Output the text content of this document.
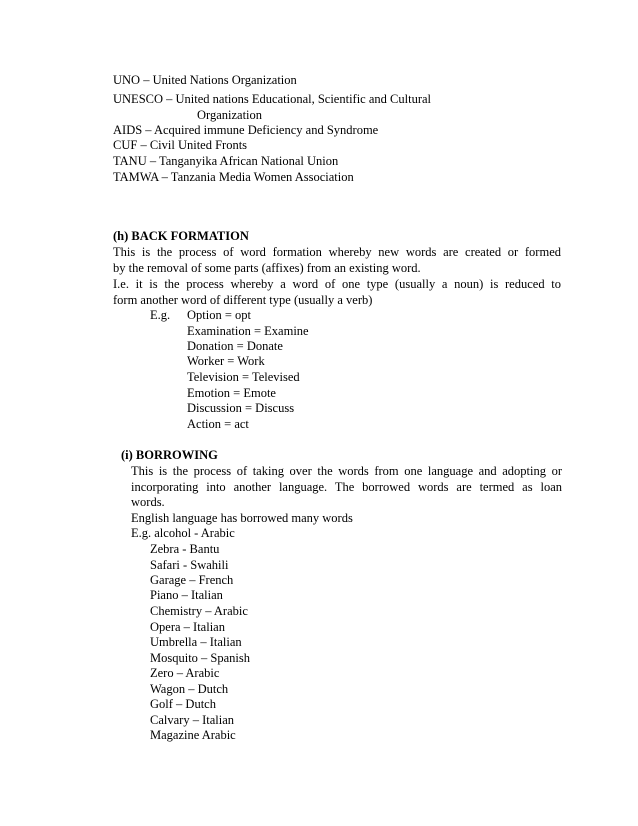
UNO – United Nations Organization
UNESCO – United nations Educational, Scientific and Cultural
Organization
AIDS – Acquired immune Deficiency and Syndrome
CUF – Civil United Fronts
TANU – Tanganyika African National Union
TAMWA – Tanzania Media Women Association
(h) BACK FORMATION
This is the process of word formation whereby new words are created or formed
by the removal of some parts (affixes) from an existing word.
I.e. it is the process whereby a word of one type (usually a noun) is reduced to
form another word of different type (usually a verb)
E.g. Option = opt
Examination = Examine
Donation = Donate
Worker = Work
Television = Televised
Emotion = Emote
Discussion = Discuss
Action = act
(i) BORROWING
This is the process of taking over the words from one language and adopting or
incorporating into another language. The borrowed words are termed as loan
words.
English language has borrowed many words
E.g. alcohol - Arabic
Zebra - Bantu
Safari - Swahili
Garage – French
Piano – Italian
Chemistry – Arabic
Opera – Italian
Umbrella – Italian
Mosquito – Spanish
Zero – Arabic
Wagon – Dutch
Golf – Dutch
Calvary – Italian
Magazine Arabic
